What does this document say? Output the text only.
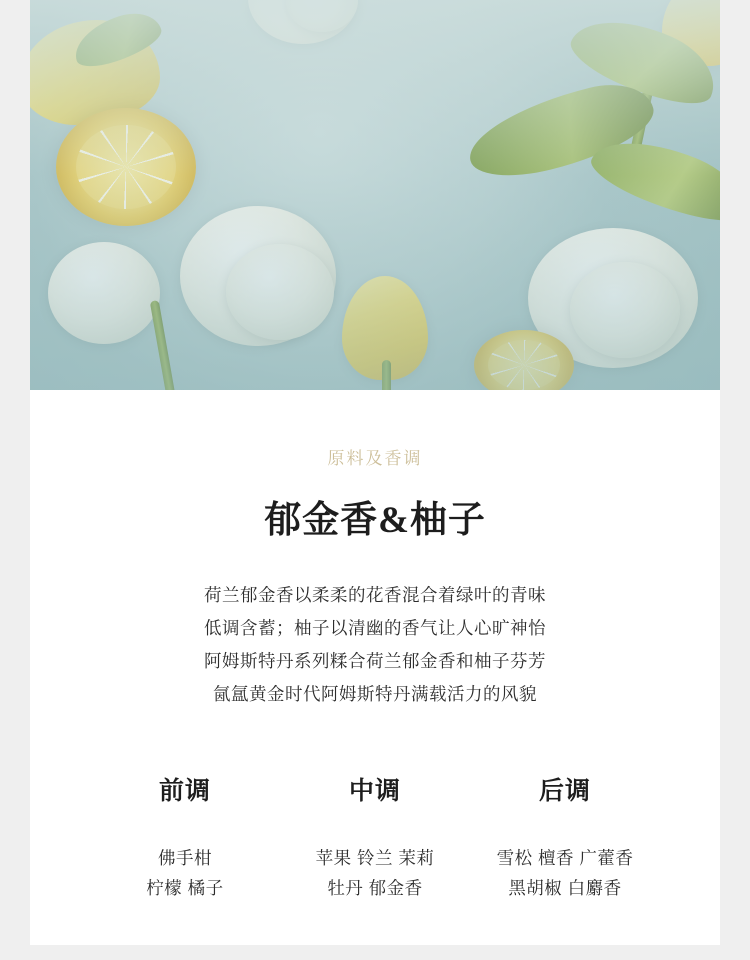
原料及香调
郁金香&柚子
荷兰郁金香以柔柔的花香混合着绿叶的青味
低调含蓄；柚子以清幽的香气让人心旷神怡
阿姆斯特丹系列糅合荷兰郁金香和柚子芬芳
氤氲黄金时代阿姆斯特丹满载活力的风貌
前调
佛手柑
柠檬 橘子
中调
苹果 铃兰 茉莉
牡丹 郁金香
后调
雪松 檀香 广藿香
黑胡椒 白麝香
